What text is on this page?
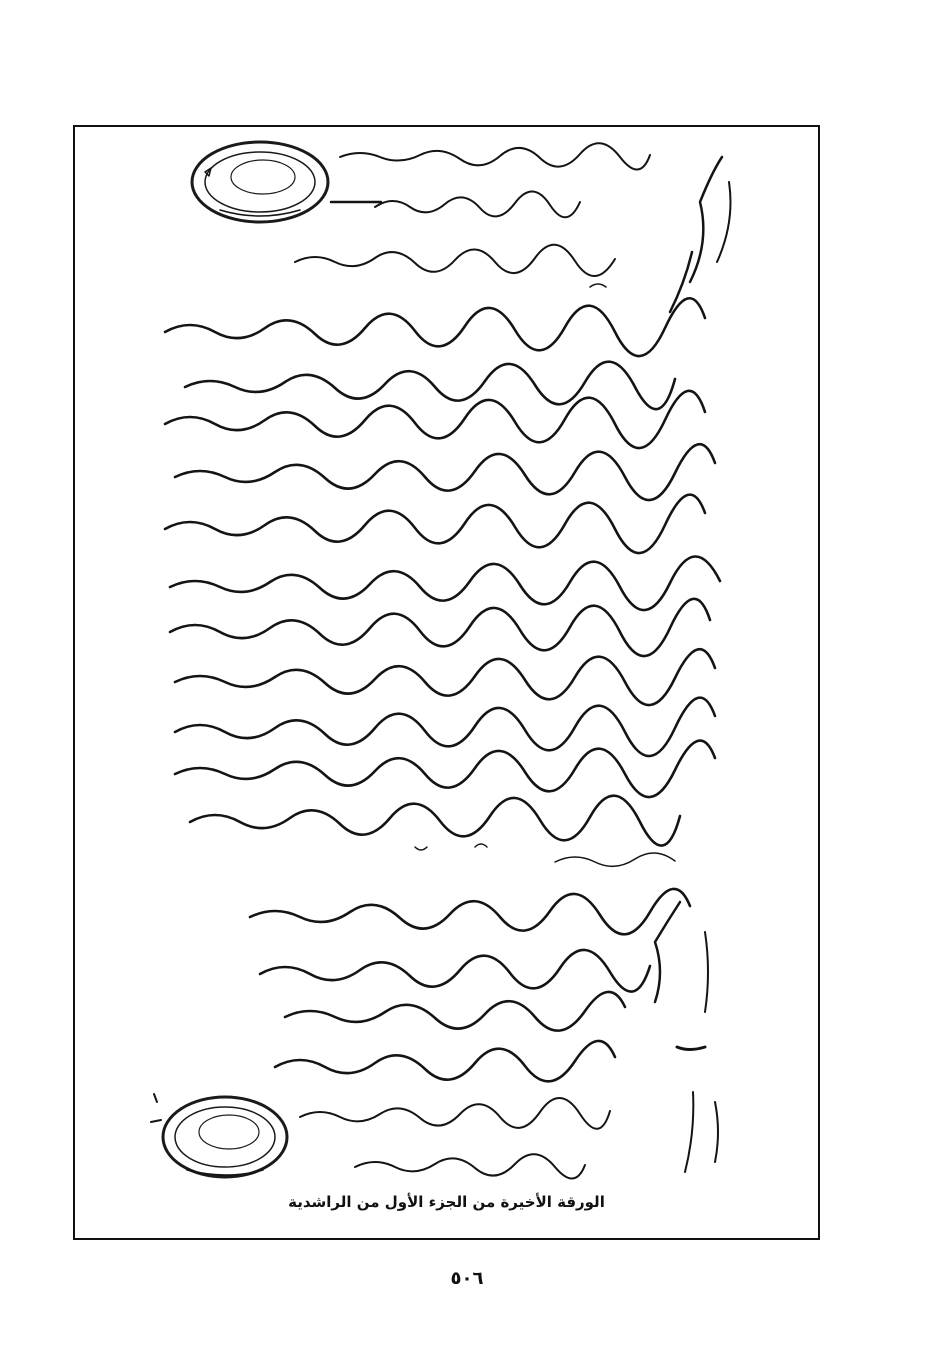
الورقة الأخيرة من الجزء الأول من الراشدية
٥٠٦
